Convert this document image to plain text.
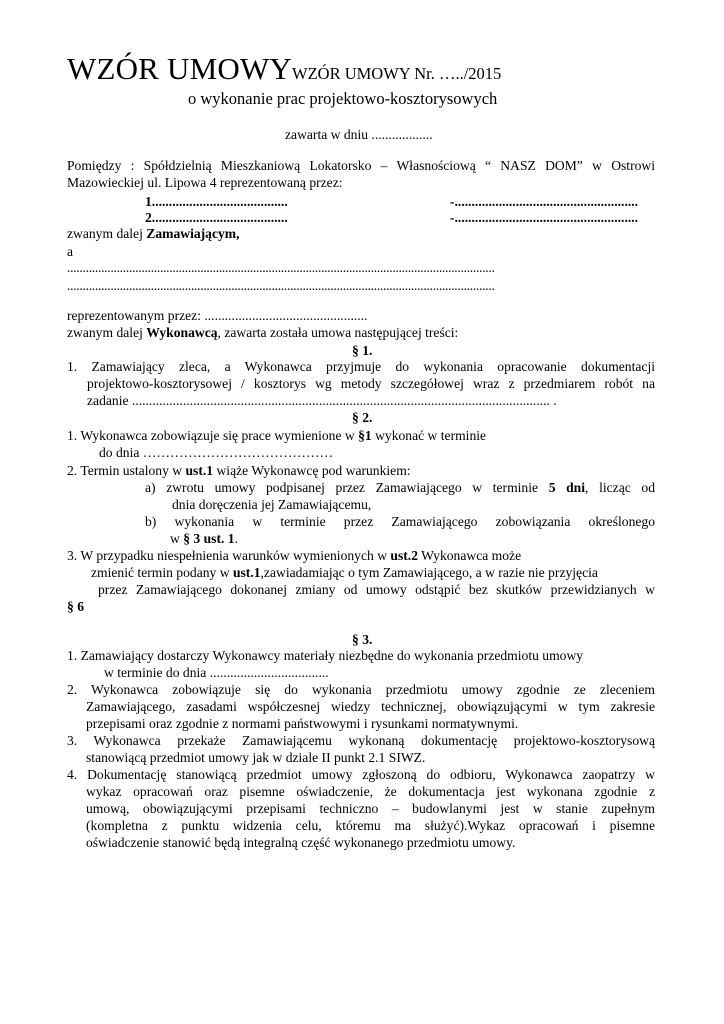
WZÓR UMOWYWZÓR UMOWY Nr. …../2015
o wykonanie prac projektowo-kosztorysowych
zawarta w dniu ..................
Pomiędzy : Spółdzielnią Mieszkaniową Lokatorsko – Własnościową “ NASZ DOM” w Ostrowi
Mazowieckiej ul. Lipowa 4 reprezentowaną przez:
1........................................	-......................................................
2........................................	-......................................................
zwanym dalej Zamawiającym,
a
..........................................................................................................................................
..........................................................................................................................................
reprezentowanym przez: ................................................
zwanym dalej Wykonawcą, zawarta została umowa następującej treści:
§ 1.
1. Zamawiający zleca, a Wykonawca przyjmuje do wykonania opracowanie dokumentacji
projektowo-kosztorysowej / kosztorys wg metody szczegółowej wraz z przedmiarem robót na
zadanie ........................................................................................................................... .
§ 2.
1. Wykonawca zobowiązuje się prace wymienione w §1 wykonać w terminie
do dnia ……………………………………
2. Termin ustalony w ust.1 wiąże Wykonawcę pod warunkiem:
a) zwrotu umowy podpisanej przez Zamawiającego w terminie 5 dni, licząc od
dnia doręczenia jej Zamawiającemu,
b) wykonania w terminie przez Zamawiającego zobowiązania określonego
w § 3 ust. 1.
3. W przypadku niespełnienia warunków wymienionych w ust.2 Wykonawca może
zmienić termin podany w ust.1,zawiadamiając o tym Zamawiającego, a w razie nie przyjęcia
przez Zamawiającego dokonanej zmiany od umowy odstąpić bez skutków przewidzianych w
§ 6
§ 3.
1. Zamawiający dostarczy Wykonawcy materiały niezbędne do wykonania przedmiotu umowy
w terminie do dnia ...................................
2. Wykonawca zobowiązuje się do wykonania przedmiotu umowy zgodnie ze zleceniem
Zamawiającego, zasadami współczesnej wiedzy technicznej, obowiązującymi w tym zakresie
przepisami oraz zgodnie z normami państwowymi i rysunkami normatywnymi.
3. Wykonawca przekaże Zamawiającemu wykonaną dokumentację projektowo-kosztorysową
stanowiącą przedmiot umowy jak w dziale II punkt 2.1 SIWZ.
4. Dokumentację stanowiącą przedmiot umowy zgłoszoną do odbioru, Wykonawca zaopatrzy w
wykaz opracowań oraz pisemne oświadczenie, że dokumentacja jest wykonana zgodnie z
umową, obowiązującymi przepisami techniczno – budowlanymi jest w stanie zupełnym
(kompletna z punktu widzenia celu, któremu ma służyć).Wykaz opracowań i pisemne
oświadczenie stanowić będą integralną część wykonanego przedmiotu umowy.
